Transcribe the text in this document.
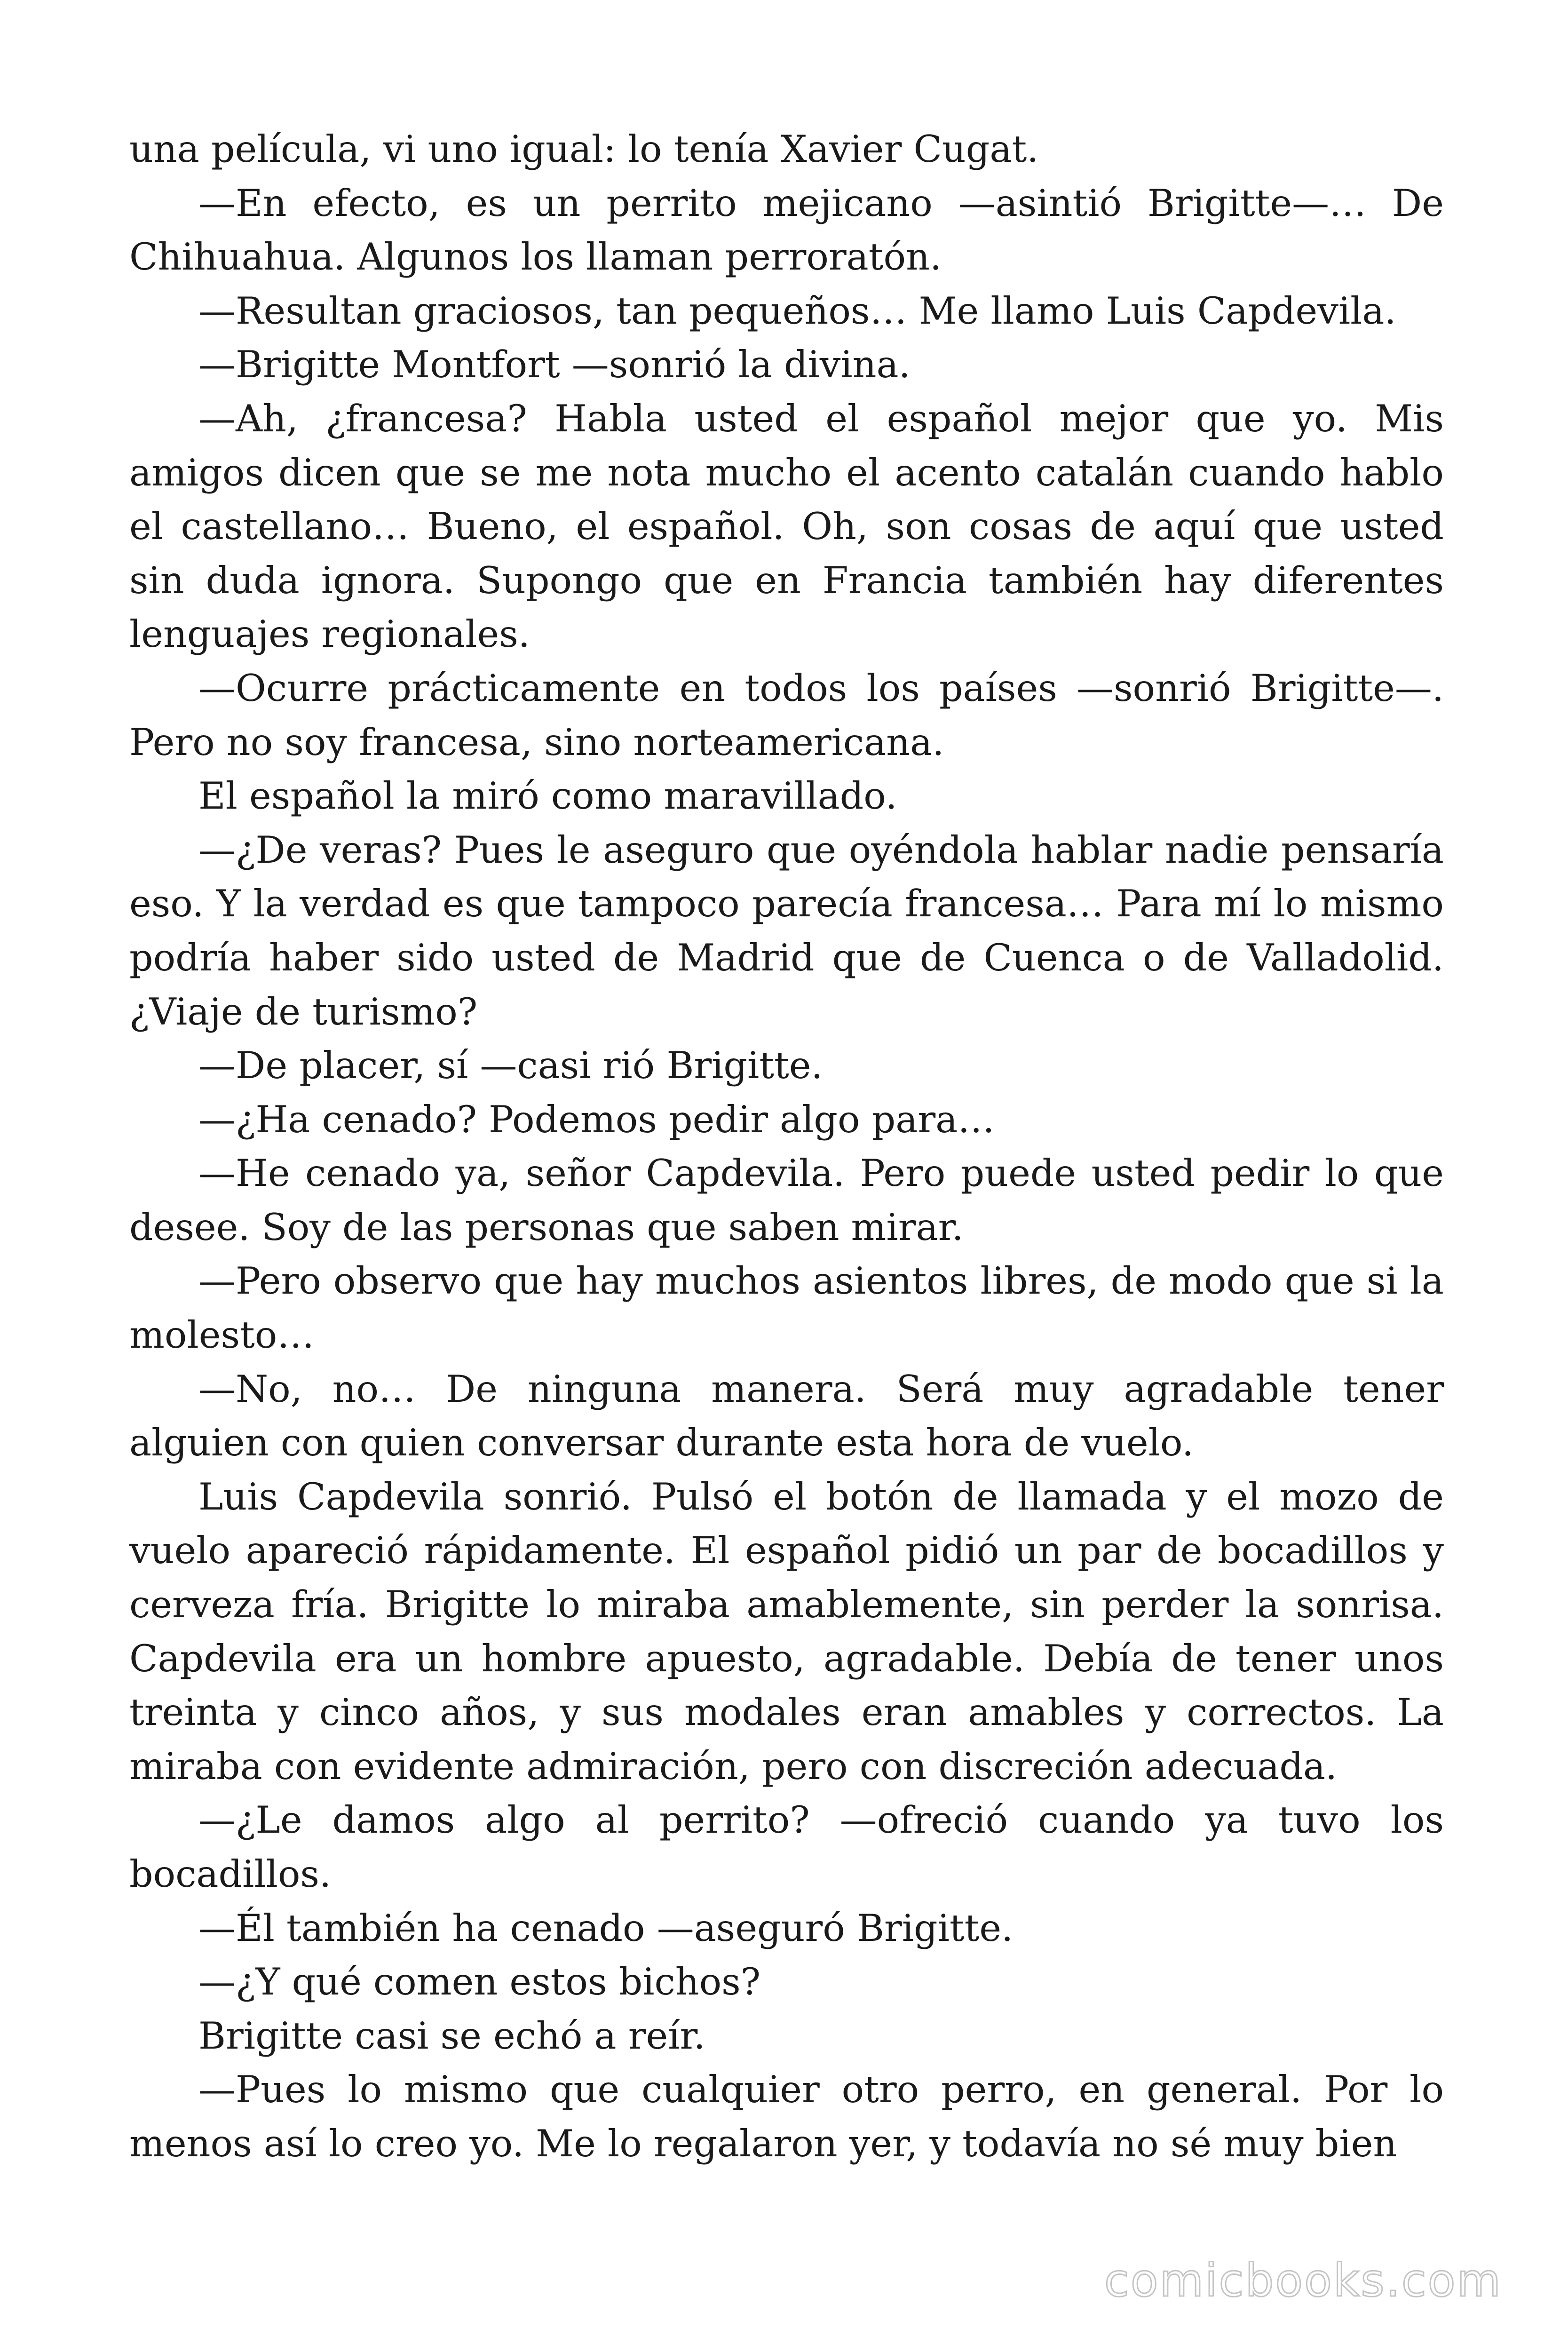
una película, vi uno igual: lo tenía Xavier Cugat.

—En efecto, es un perrito mejicano —asintió Brigitte—… De Chihuahua. Algunos los llaman perroratón.

—Resultan graciosos, tan pequeños… Me llamo Luis Capdevila.

—Brigitte Montfort —sonrió la divina.

—Ah, ¿francesa? Habla usted el español mejor que yo. Mis amigos dicen que se me nota mucho el acento catalán cuando hablo el castellano… Bueno, el español. Oh, son cosas de aquí que usted sin duda ignora. Supongo que en Francia también hay diferentes lenguajes regionales.

—Ocurre prácticamente en todos los países —sonrió Brigitte—. Pero no soy francesa, sino norteamericana.

El español la miró como maravillado.

—¿De veras? Pues le aseguro que oyéndola hablar nadie pensaría eso. Y la verdad es que tampoco parecía francesa… Para mí lo mismo podría haber sido usted de Madrid que de Cuenca o de Valladolid. ¿Viaje de turismo?

—De placer, sí —casi rió Brigitte.

—¿Ha cenado? Podemos pedir algo para…

—He cenado ya, señor Capdevila. Pero puede usted pedir lo que desee. Soy de las personas que saben mirar.

—Pero observo que hay muchos asientos libres, de modo que si la molesto…

—No, no… De ninguna manera. Será muy agradable tener alguien con quien conversar durante esta hora de vuelo.

Luis Capdevila sonrió. Pulsó el botón de llamada y el mozo de vuelo apareció rápidamente. El español pidió un par de bocadillos y cerveza fría. Brigitte lo miraba amablemente, sin perder la sonrisa. Capdevila era un hombre apuesto, agradable. Debía de tener unos treinta y cinco años, y sus modales eran amables y correctos. La miraba con evidente admiración, pero con discreción adecuada.

—¿Le damos algo al perrito? —ofreció cuando ya tuvo los bocadillos.

—Él también ha cenado —aseguró Brigitte.

—¿Y qué comen estos bichos?

Brigitte casi se echó a reír.

—Pues lo mismo que cualquier otro perro, en general. Por lo menos así lo creo yo. Me lo regalaron yer, y todavía no sé muy bien

comicbooks.com
